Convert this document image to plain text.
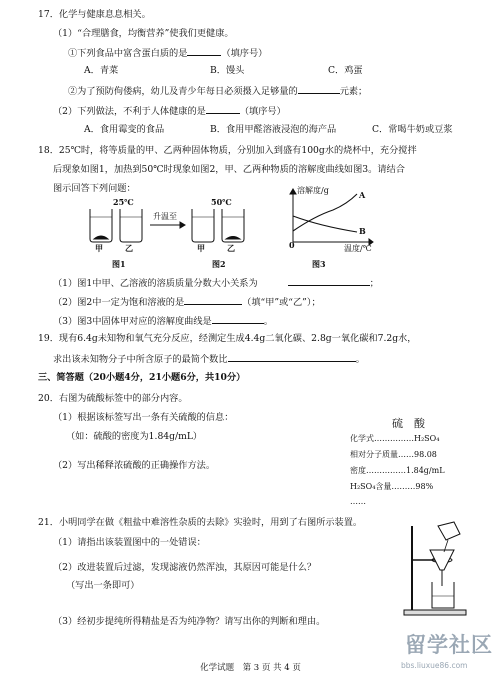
17．化学与健康息息相关。
（1）“合理膳食，均衡营养”使我们更健康。
①下列食品中富含蛋白质的是	（填序号）
A．青菜	B．馒头	C．鸡蛋
②为了预防佝偻病，幼儿及青少年每日必须摄入足够量的	元素；
（2）下列做法，不利于人体健康的是	（填序号）
A．食用霉变的食品	B．食用甲醛溶液浸泡的海产品	C．常喝牛奶或豆浆
18．25℃时，将等质量的甲、乙两种固体物质，分别加入到盛有100g水的烧杯中，充分搅拌
后现象如图1，加热到50℃时现象如图2，甲、乙两种物质的溶解度曲线如图3。请结合
图示回答下列问题：
25℃
升温至
50℃
甲	乙	甲	乙
图1	图2
溶解度/g	A
B
0	温度/℃
图3
（1）图1中甲、乙溶液的溶质质量分数大小关系为	；
（2）图2中一定为饱和溶液的是	（填“甲”或“乙”）；
（3）图3中固体甲对应的溶解度曲线是	。
19．现有6.4g未知物和氧气充分反应，经测定生成4.4g二氧化碳、2.8g一氧化碳和7.2g水，
求出该未知物分子中所含原子的最简个数比	。
三、简答题（20小题4分，21小题6分，共10分）
20．右图为硫酸标签中的部分内容。
（1）根据该标签写出一条有关硫酸的信息：
（如：硫酸的密度为1.84g/mL）
（2）写出稀释浓硫酸的正确操作方法。
硫　酸
化学式……………H₂SO₄
相对分子质量……98.08
密度……………1.84g/mL
H₂SO₄含量………98%
……
21．小明同学在做《粗盐中难溶性杂质的去除》实验时，用到了右图所示装置。
（1）请指出该装置图中的一处错误：
（2）改进装置后过滤，发现滤液仍然浑浊，其原因可能是什么？
（写出一条即可）
（3）经初步提纯所得精盐是否为纯净物？请写出你的判断和理由。
化学试题　第 3 页 共 4 页
留学社区
bbs.liuxue86.com
